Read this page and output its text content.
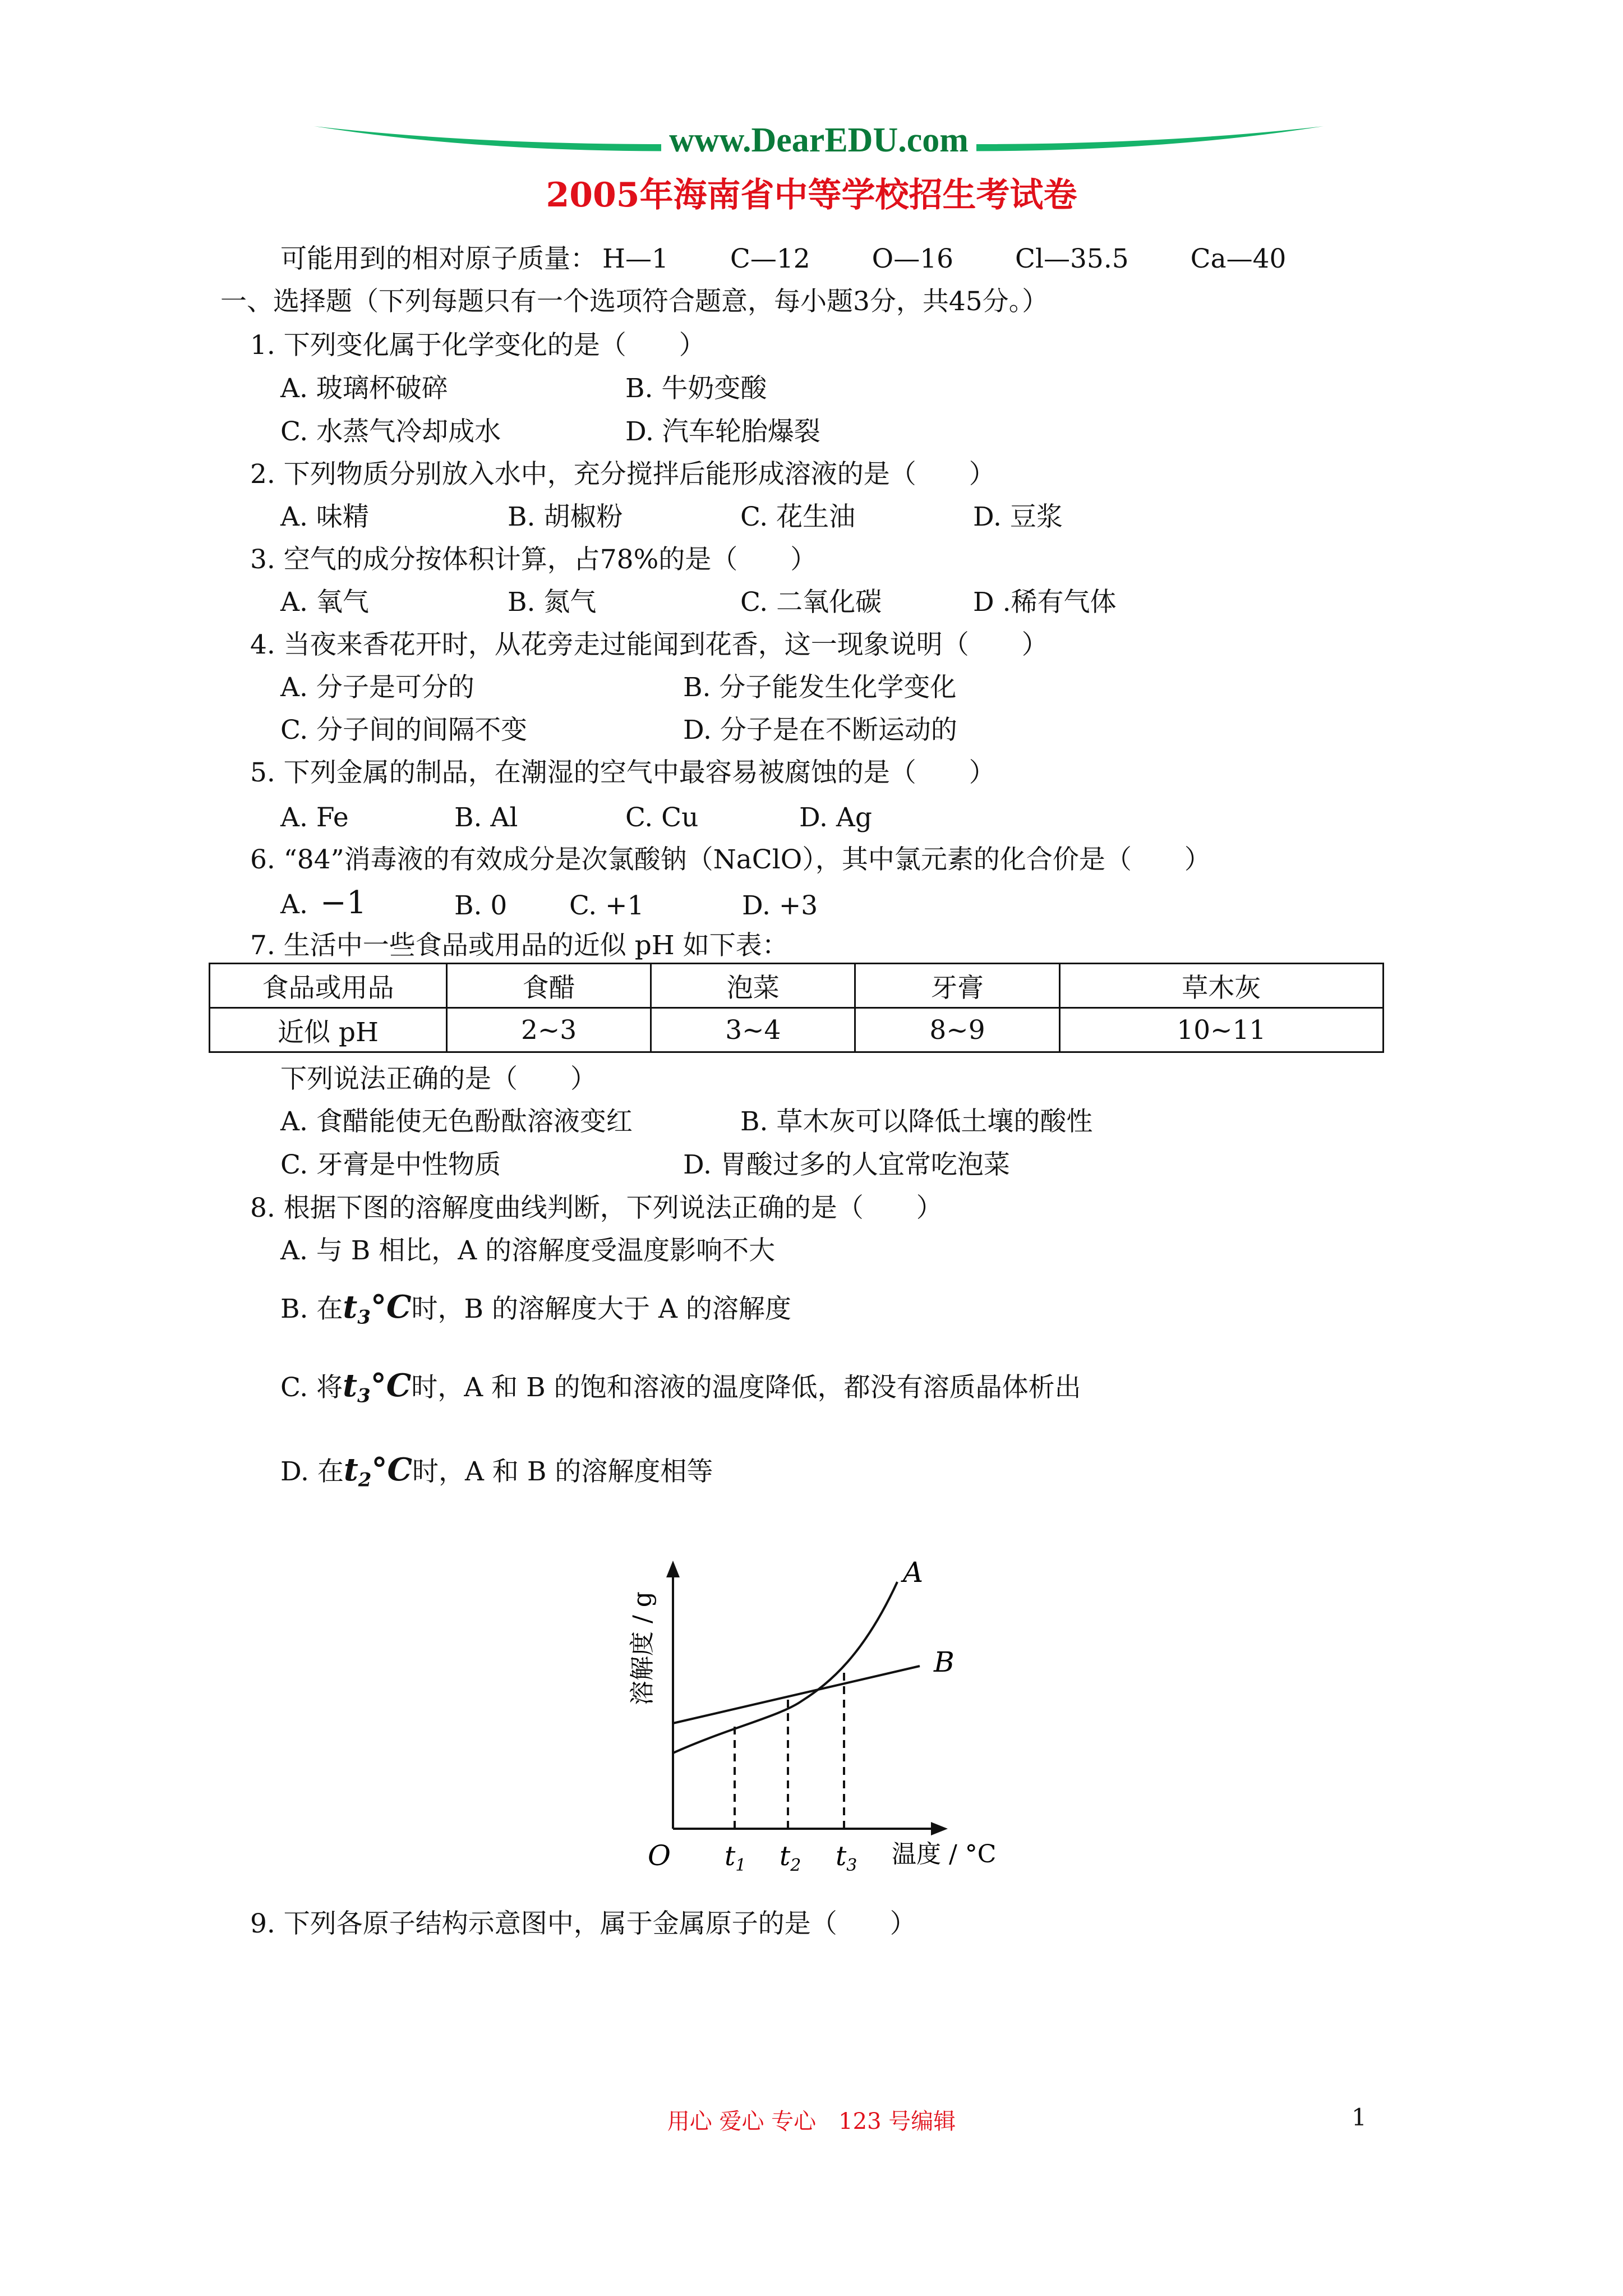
www.DearEDU.com
2005年海南省中等学校招生考试卷
可能用到的相对原子质量： H—1 C—12 O—16 Cl—35.5 Ca—40
一、选择题（下列每题只有一个选项符合题意，每小题3分，共45分。）
1. 下列变化属于化学变化的是（　　）
A. 玻璃杯破碎	B. 牛奶变酸
C. 水蒸气冷却成水	D. 汽车轮胎爆裂
2. 下列物质分别放入水中，充分搅拌后能形成溶液的是（　　）
A. 味精	B. 胡椒粉	C. 花生油	D. 豆浆
3. 空气的成分按体积计算，占78%的是（　　）
A. 氧气	B. 氮气	C. 二氧化碳	D .稀有气体
4. 当夜来香花开时，从花旁走过能闻到花香，这一现象说明（　　）
A. 分子是可分的	B. 分子能发生化学变化
C. 分子间的间隔不变	D. 分子是在不断运动的
5. 下列金属的制品，在潮湿的空气中最容易被腐蚀的是（　　）
A. Fe	B. Al	C. Cu	D. Ag
6. “84”消毒液的有效成分是次氯酸钠（NaClO），其中氯元素的化合价是（　　）
A. −1	B. 0 C. +1	D. +3
7. 生活中一些食品或用品的近似 pH 如下表：
食品或用品	食醋	泡菜	牙膏	草木灰
近似 pH	2~3	3~4	8~9	10~11
下列说法正确的是（　　）
A. 食醋能使无色酚酞溶液变红	B. 草木灰可以降低土壤的酸性
C. 牙膏是中性物质	D. 胃酸过多的人宜常吃泡菜
8. 根据下图的溶解度曲线判断，下列说法正确的是（　　）
A. 与 B 相比，A 的溶解度受温度影响不大
B. 在$t_3^\circ C$时，B 的溶解度大于 A 的溶解度
C. 将$t_3^\circ C$时，A 和 B 的饱和溶液的温度降低，都没有溶质晶体析出
D. 在$t_2^\circ C$时，A 和 B 的溶解度相等
A
B
O $t_1$ $t_2$ $t_3$ 温度 / °C
溶解度 / g
9. 下列各原子结构示意图中，属于金属原子的是（　　）
用心 爱心 专心　123 号编辑	1
